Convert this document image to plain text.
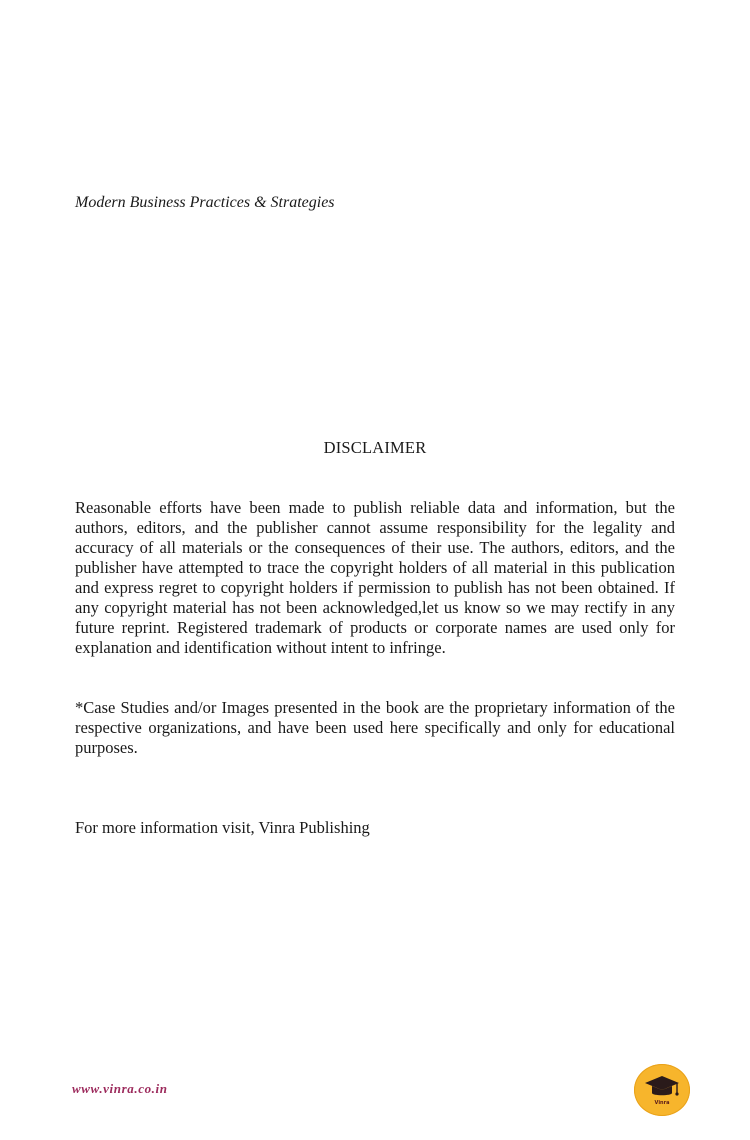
Modern Business Practices & Strategies
DISCLAIMER

Reasonable efforts have been made to publish reliable data and information, but the authors, editors, and the publisher cannot assume responsibility for the legality and accuracy of all materials or the consequences of their use. The authors, editors, and the publisher have attempted to trace the copyright holders of all material in this publication and express regret to copyright holders if permission to publish has not been obtained. If any copyright material has not been acknowledged,let us know so we may rectify in any future reprint. Registered trademark of products or corporate names are used only for explanation and identification without intent to infringe.

*Case Studies and/or Images presented in the book are the proprietary information of the respective organizations, and have been used here specifically and only for educational purposes.

For more information visit, Vinra Publishing
www.vinra.co.in
Vinra
